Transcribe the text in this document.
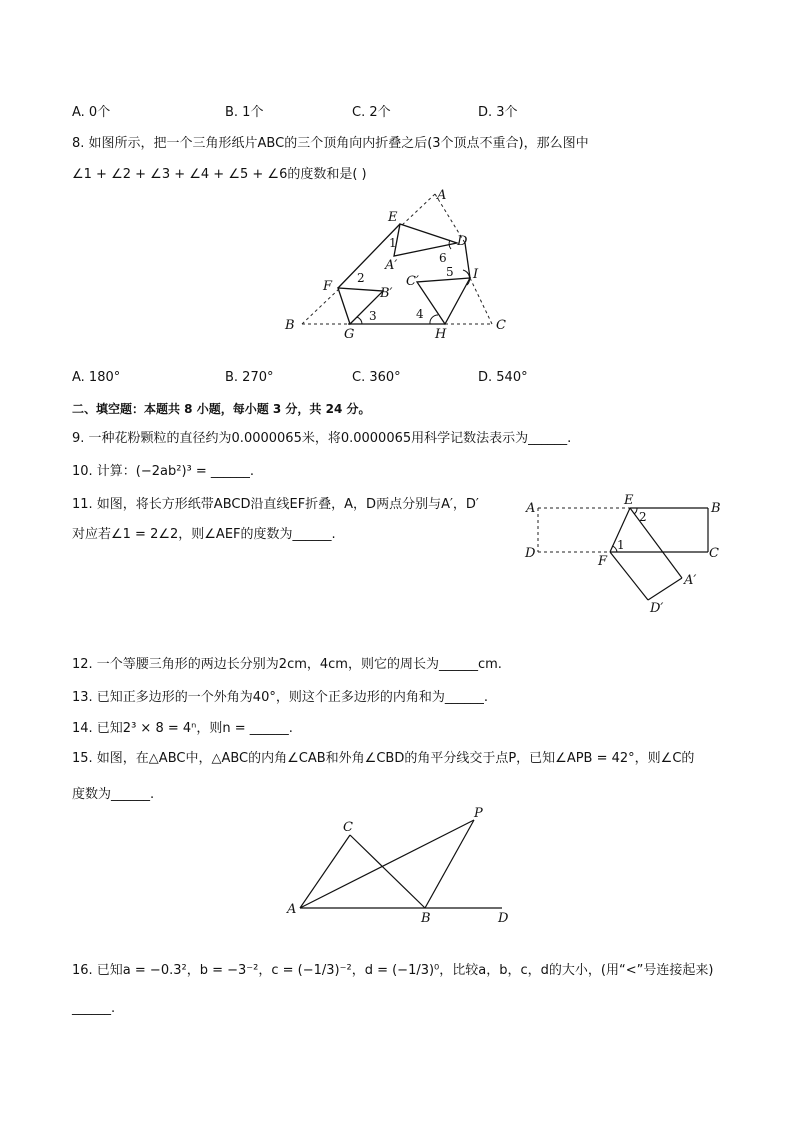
A. 0个	B. 1个	C. 2个	D. 3个
8. 如图所示，把一个三角形纸片ABC的三个顶角向内折叠之后(3个顶点不重合)，那么图中
∠1 + ∠2 + ∠3 + ∠4 + ∠5 + ∠6的度数和是( )
A
E
D
1
6
A′
C′
5 I
F
2
B′
3	4
B	C
G	H
A. 180°	B. 270°	C. 360°	D. 540°
二、填空题：本题共 8 小题，每小题 3 分，共 24 分。
9. 一种花粉颗粒的直径约为0.0000065米，将0.0000065用科学记数法表示为______.
10. 计算：(−2ab²)³ = ______.
11. 如图，将长方形纸带ABCD沿直线EF折叠，A，D两点分别与A′，D′
对应若∠1 = 2∠2，则∠AEF的度数为______.
A
E
2
B
D
1
C
F
A′
D′
12. 一个等腰三角形的两边长分别为2cm，4cm，则它的周长为______cm.
13. 已知正多边形的一个外角为40°，则这个正多边形的内角和为______.
14. 已知2³ × 8 = 4ⁿ，则n = ______.
15. 如图，在△ABC中，△ABC的内角∠CAB和外角∠CBD的角平分线交于点P，已知∠APB = 42°，则∠C的
度数为______.
C
P
A
B	D
16. 已知a = −0.3²，b = −3⁻²，c = (−1/3)⁻²，d = (−1/3)⁰，比较a，b，c，d的大小，(用“<”号连接起来)
______.
